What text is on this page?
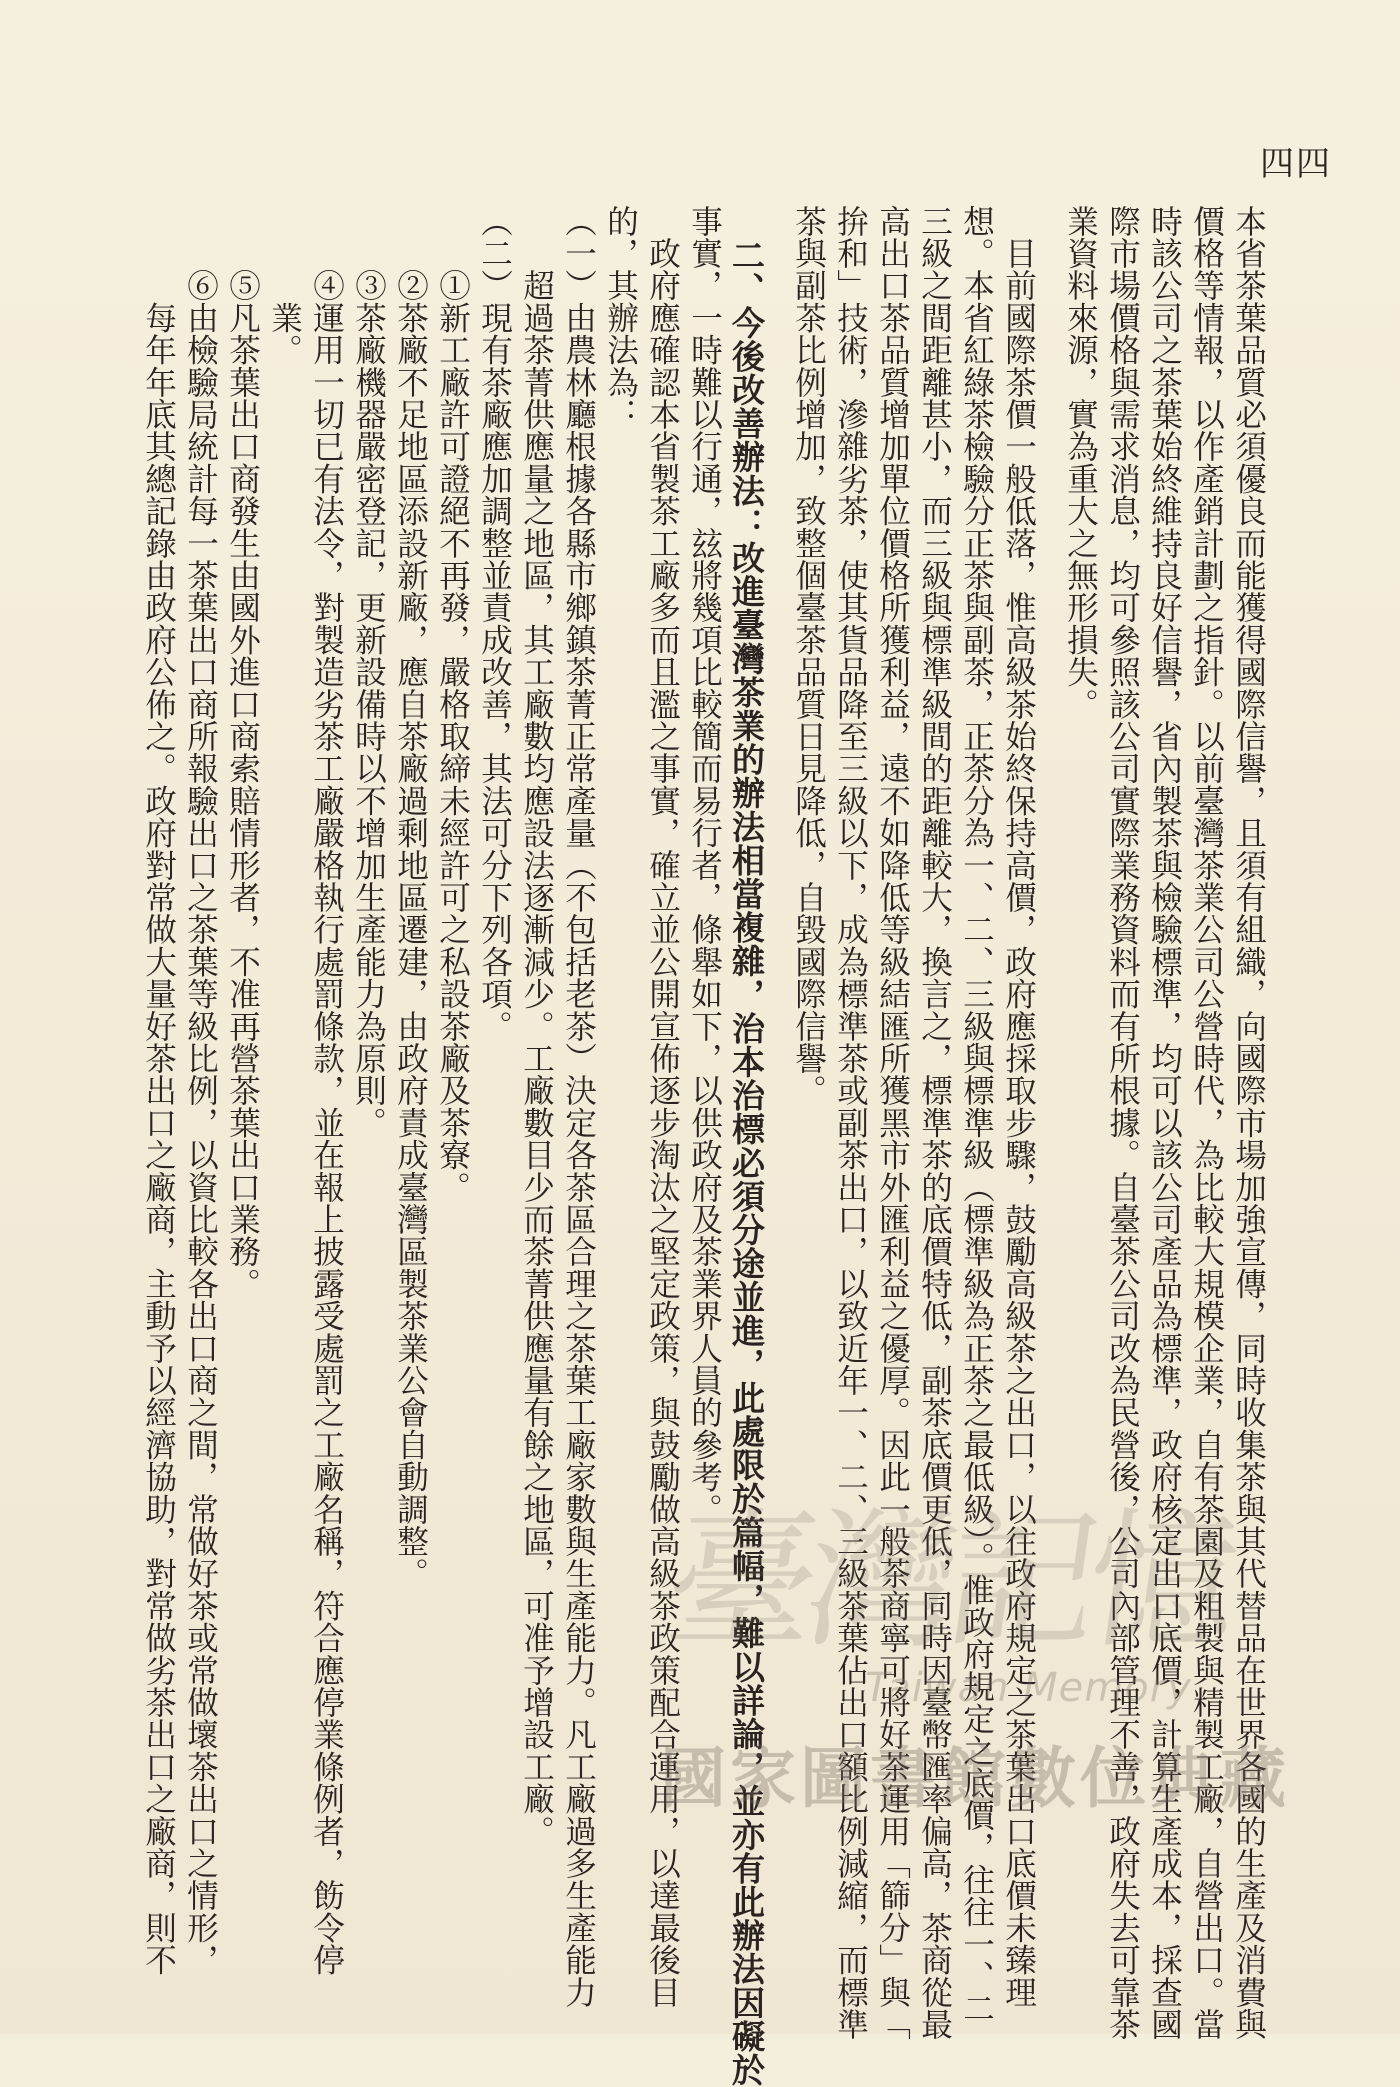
四四
本省茶葉品質必須優良而能獲得國際信譽，且須有組織，向國際市場加強宣傳，同時收集茶與其代替品在世界各國的生產及消費與
價格等情報，以作產銷計劃之指針。以前臺灣茶業公司公營時代，為比較大規模企業，自有茶園及粗製與精製工廠，自營出口。當
時該公司之茶葉始終維持良好信譽，省內製茶與檢驗標準，均可以該公司產品為標準，政府核定出口底價，計算生產成本，採查國
際市場價格與需求消息，均可參照該公司實際業務資料而有所根據。自臺茶公司改為民營後，公司內部管理不善，政府失去可靠茶
業資料來源，實為重大之無形損失。
　目前國際茶價一般低落，惟高級茶始終保持高價，政府應採取步驟，鼓勵高級茶之出口，以往政府規定之茶葉出口底價未臻理
想。本省紅綠茶檢驗分正茶與副茶，正茶分為一、二、三級與標準級（標準級為正茶之最低級）。惟政府規定之底價，往往一、二
三級之間距離甚小，而三級與標準級間的距離較大，換言之，標準茶的底價特低，副茶底價更低，同時因臺幣匯率偏高，茶商從最
高出口茶品質增加單位價格所獲利益，遠不如降低等級結匯所獲黑市外匯利益之優厚。因此一般茶商寧可將好茶運用「篩分」與「
拚和」技術，滲雜劣茶，使其貨品降至三級以下，成為標準茶或副茶出口，以致近年一、二、三級茶葉佔出口額比例減縮，而標準
茶與副茶比例增加，致整個臺茶品質日見降低，自毀國際信譽。
　二、今後改善辦法：改進臺灣茶業的辦法相當複雜，治本治標必須分途並進，此處限於篇幅，難以詳論，並亦有此辦法因礙於
事實，一時難以行通，玆將幾項比較簡而易行者，條舉如下，以供政府及茶業界人員的參考。
　政府應確認本省製茶工廠多而且濫之事實，確立並公開宣佈逐步淘汰之堅定政策，與鼓勵做高級茶政策配合運用，以達最後目
的，其辦法為：
（一）由農林廳根據各縣市鄉鎮茶菁正常產量（不包括老茶）決定各茶區合理之茶葉工廠家數與生產能力。凡工廠過多生產能力
　　超過茶菁供應量之地區，其工廠數均應設法逐漸減少。工廠數目少而茶菁供應量有餘之地區，可准予增設工廠。
（二）現有茶廠應加調整並責成改善，其法可分下列各項。
　　①新工廠許可證絕不再發，嚴格取締未經許可之私設茶廠及茶寮。
　　②茶廠不足地區添設新廠，應自茶廠過剩地區遷建，由政府責成臺灣區製茶業公會自動調整。
　　③茶廠機器嚴密登記，更新設備時以不增加生產能力為原則。
　　④運用一切已有法令，對製造劣茶工廠嚴格執行處罰條款，並在報上披露受處罰之工廠名稱，符合應停業條例者，飭令停
　　　業。
　　⑤凡茶葉出口商發生由國外進口商索賠情形者，不准再營茶葉出口業務。
　　⑥由檢驗局統計每一茶葉出口商所報驗出口之茶葉等級比例，以資比較各出口商之間，常做好茶或常做壞茶出口之情形，
　　　每年年底其總記錄由政府公佈之。政府對常做大量好茶出口之廠商，主動予以經濟協助，對常做劣茶出口之廠商，則不	臺灣記憶
Taiwan Memory
國家圖書館數位典藏
